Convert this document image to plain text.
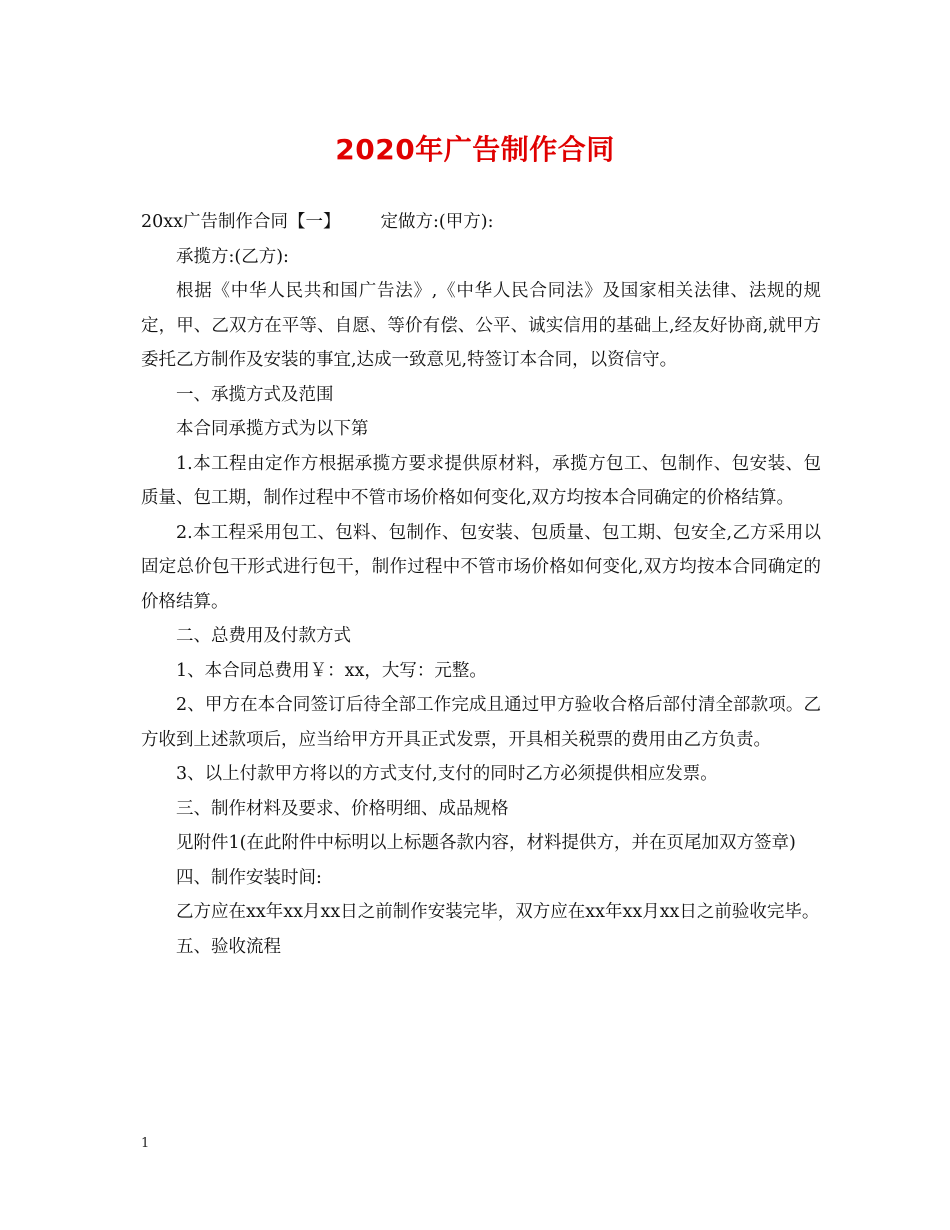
2020年广告制作合同

20xx广告制作合同【一】 定做方:(甲方):

承揽方:(乙方):

根据《中华人民共和国广告法》,《中华人民合同法》及国家相关法律、法规的规定，甲、乙双方在平等、自愿、等价有偿、公平、诚实信用的基础上,经友好协商,就甲方委托乙方制作及安装的事宜,达成一致意见,特签订本合同，以资信守。

一、承揽方式及范围

本合同承揽方式为以下第

1.本工程由定作方根据承揽方要求提供原材料，承揽方包工、包制作、包安装、包质量、包工期，制作过程中不管市场价格如何变化,双方均按本合同确定的价格结算。

2.本工程采用包工、包料、包制作、包安装、包质量、包工期、包安全,乙方采用以固定总价包干形式进行包干，制作过程中不管市场价格如何变化,双方均按本合同确定的价格结算。

二、总费用及付款方式

1、本合同总费用￥：xx，大写：元整。

2、甲方在本合同签订后待全部工作完成且通过甲方验收合格后部付清全部款项。乙方收到上述款项后，应当给甲方开具正式发票，开具相关税票的费用由乙方负责。

3、以上付款甲方将以的方式支付,支付的同时乙方必须提供相应发票。

三、制作材料及要求、价格明细、成品规格

见附件1(在此附件中标明以上标题各款内容，材料提供方，并在页尾加双方签章)

四、制作安装时间:

乙方应在xx年xx月xx日之前制作安装完毕，双方应在xx年xx月xx日之前验收完毕。

五、验收流程

1
